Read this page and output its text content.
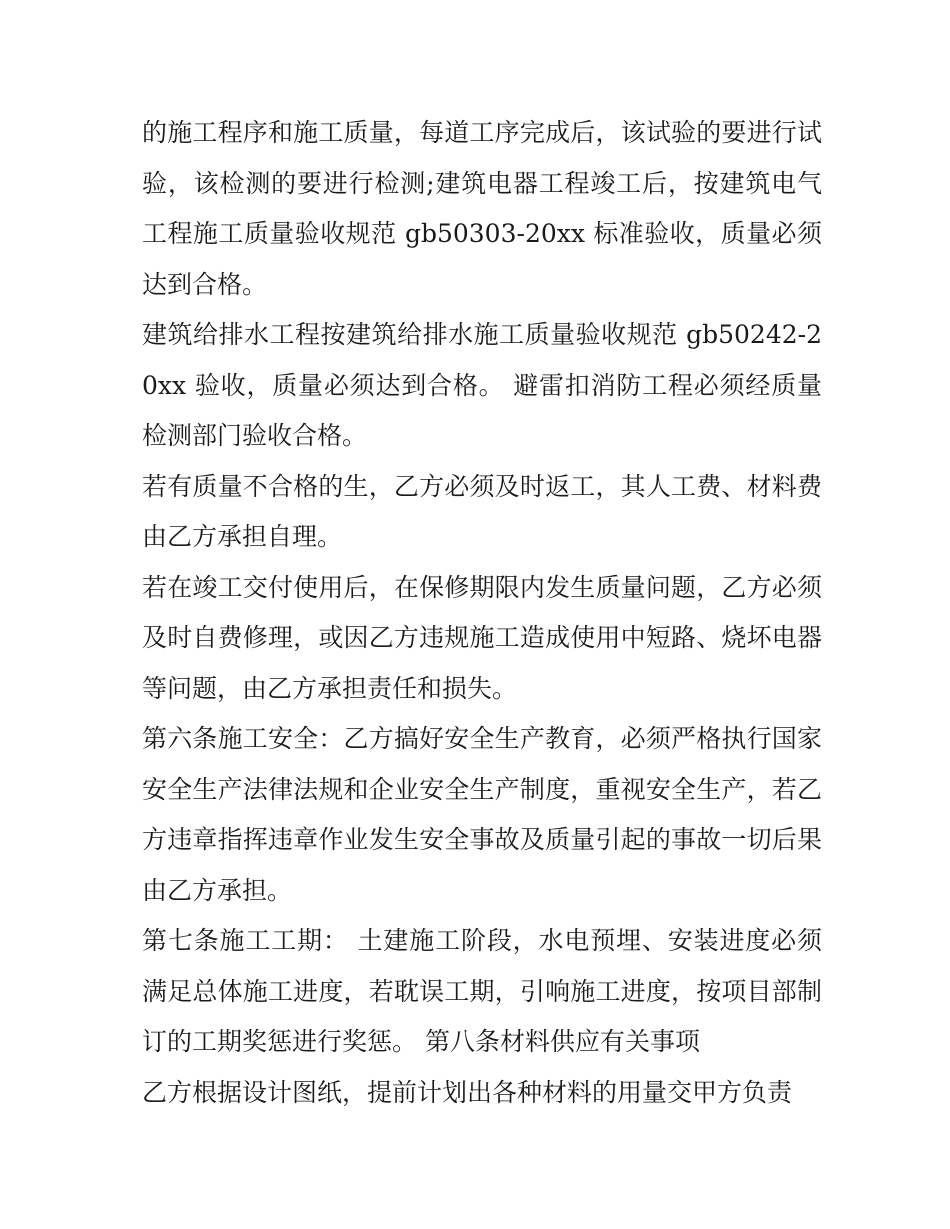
的施工程序和施工质量，每道工序完成后，该试验的要进行试验，该检测的要进行检测;建筑电器工程竣工后，按建筑电气工程施工质量验收规范 gb50303-20xx 标准验收，质量必须达到合格。

建筑给排水工程按建筑给排水施工质量验收规范 gb50242-20xx 验收，质量必须达到合格。 避雷扣消防工程必须经质量检测部门验收合格。

若有质量不合格的生，乙方必须及时返工，其人工费、材料费由乙方承担自理。

若在竣工交付使用后，在保修期限内发生质量问题，乙方必须及时自费修理，或因乙方违规施工造成使用中短路、烧坏电器等问题，由乙方承担责任和损失。

第六条施工安全：乙方搞好安全生产教育，必须严格执行国家安全生产法律法规和企业安全生产制度，重视安全生产，若乙方违章指挥违章作业发生安全事故及质量引起的事故一切后果由乙方承担。

第七条施工工期： 土建施工阶段，水电预埋、安装进度必须满足总体施工进度，若耽误工期，引响施工进度，按项目部制订的工期奖惩进行奖惩。 第八条材料供应有关事项

乙方根据设计图纸，提前计划出各种材料的用量交甲方负责
